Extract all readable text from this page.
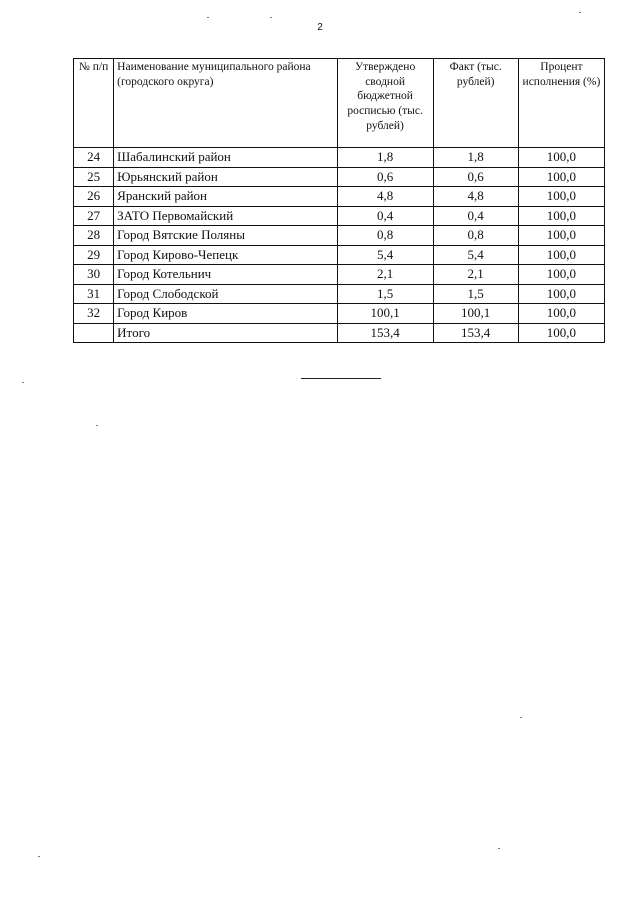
2
№ п/п	Наименование муниципального района (городского округа)	Утверждено сводной бюджетной росписью (тыс. рублей)	Факт (тыс. рублей)	Процент исполнения (%)
24	Шабалинский район	1,8	1,8	100,0
25	Юрьянский район	0,6	0,6	100,0
26	Яранский район	4,8	4,8	100,0
27	ЗАТО Первомайский	0,4	0,4	100,0
28	Город Вятские Поляны	0,8	0,8	100,0
29	Город Кирово-Чепецк	5,4	5,4	100,0
30	Город Котельнич	2,1	2,1	100,0
31	Город Слободской	1,5	1,5	100,0
32	Город Киров	100,1	100,1	100,0
	Итого	153,4	153,4	100,0
